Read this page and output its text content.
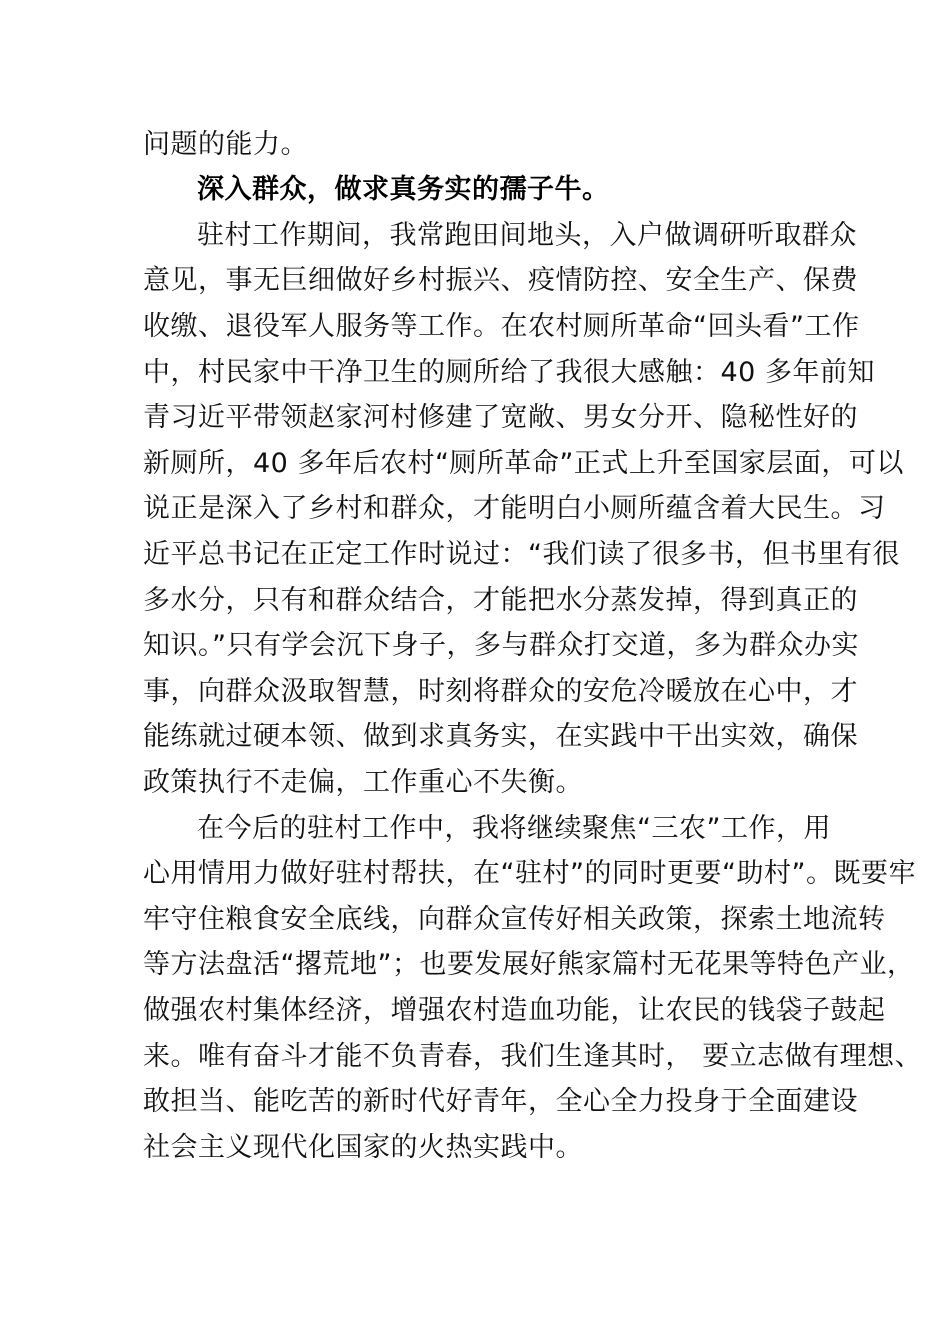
问题的能力。

深入群众，做求真务实的孺子牛。

驻村工作期间，我常跑田间地头，入户做调研听取群众

意见，事无巨细做好乡村振兴、疫情防控、安全生产、保费

收缴、退役军人服务等工作。在农村厕所革命“回头看”工作

中，村民家中干净卫生的厕所给了我很大感触：40 多年前知

青习近平带领赵家河村修建了宽敞、男女分开、隐秘性好的

新厕所，40 多年后农村“厕所革命”正式上升至国家层面，可以

说正是深入了乡村和群众，才能明白小厕所蕴含着大民生。习

近平总书记在正定工作时说过：“我们读了很多书，但书里有很

多水分，只有和群众结合，才能把水分蒸发掉，得到真正的

知识。”只有学会沉下身子，多与群众打交道，多为群众办实

事，向群众汲取智慧，时刻将群众的安危冷暖放在心中，才

能练就过硬本领、做到求真务实，在实践中干出实效，确保

政策执行不走偏，工作重心不失衡。

在今后的驻村工作中，我将继续聚焦“三农”工作，用

心用情用力做好驻村帮扶，在“驻村”的同时更要“助村”。既要牢

牢守住粮食安全底线，向群众宣传好相关政策，探索土地流转

等方法盘活“撂荒地”；也要发展好熊家篇村无花果等特色产业，

做强农村集体经济，增强农村造血功能，让农民的钱袋子鼓起

来。唯有奋斗才能不负青春，我们生逢其时， 要立志做有理想、

敢担当、能吃苦的新时代好青年，全心全力投身于全面建设

社会主义现代化国家的火热实践中。
